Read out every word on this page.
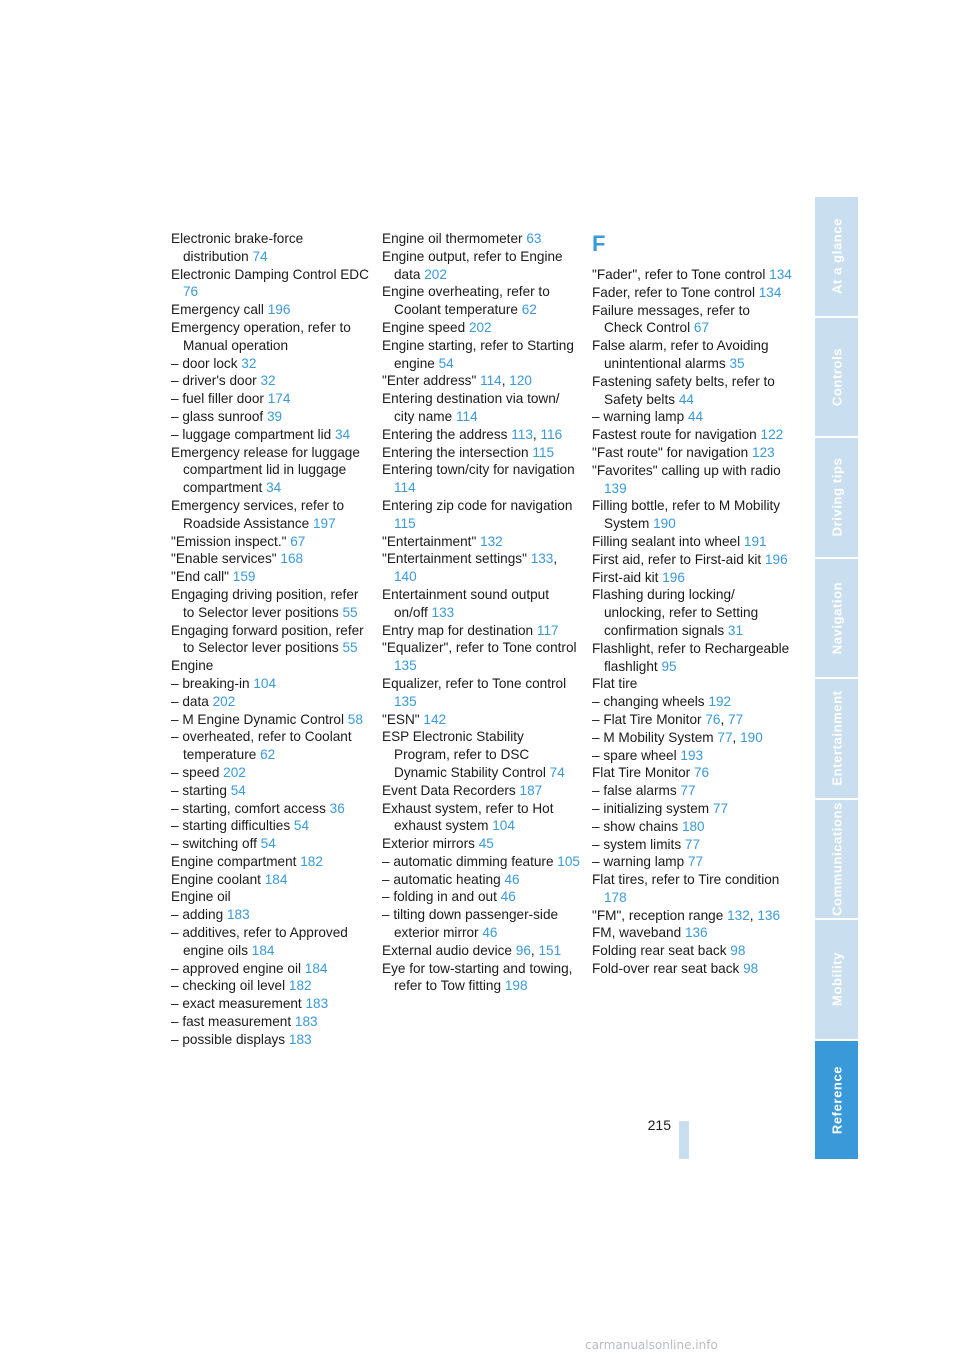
Electronic brake-force distribution 74
Electronic Damping Control EDC 76
Emergency call 196
Emergency operation, refer to Manual operation
– door lock 32
– driver's door 32
– fuel filler door 174
– glass sunroof 39
– luggage compartment lid 34
Emergency release for luggage compartment lid in luggage compartment 34
Emergency services, refer to Roadside Assistance 197
"Emission inspect." 67
"Enable services" 168
"End call" 159
Engaging driving position, refer to Selector lever positions 55
Engaging forward position, refer to Selector lever positions 55
Engine
– breaking-in 104
– data 202
– M Engine Dynamic Control 58
– overheated, refer to Coolant temperature 62
– speed 202
– starting 54
– starting, comfort access 36
– starting difficulties 54
– switching off 54
Engine compartment 182
Engine coolant 184
Engine oil
– adding 183
– additives, refer to Approved engine oils 184
– approved engine oil 184
– checking oil level 182
– exact measurement 183
– fast measurement 183
– possible displays 183
Engine oil thermometer 63
Engine output, refer to Engine data 202
Engine overheating, refer to Coolant temperature 62
Engine speed 202
Engine starting, refer to Starting engine 54
"Enter address" 114, 120
Entering destination via town/ city name 114
Entering the address 113, 116
Entering the intersection 115
Entering town/city for navigation 114
Entering zip code for navigation 115
"Entertainment" 132
"Entertainment settings" 133, 140
Entertainment sound output on/off 133
Entry map for destination 117
"Equalizer", refer to Tone control 135
Equalizer, refer to Tone control 135
"ESN" 142
ESP Electronic Stability Program, refer to DSC Dynamic Stability Control 74
Event Data Recorders 187
Exhaust system, refer to Hot exhaust system 104
Exterior mirrors 45
– automatic dimming feature 105
– automatic heating 46
– folding in and out 46
– tilting down passenger-side exterior mirror 46
External audio device 96, 151
Eye for tow-starting and towing, refer to Tow fitting 198
F
"Fader", refer to Tone control 134
Fader, refer to Tone control 134
Failure messages, refer to Check Control 67
False alarm, refer to Avoiding unintentional alarms 35
Fastening safety belts, refer to Safety belts 44
– warning lamp 44
Fastest route for navigation 122
"Fast route" for navigation 123
"Favorites" calling up with radio 139
Filling bottle, refer to M Mobility System 190
Filling sealant into wheel 191
First aid, refer to First-aid kit 196
First-aid kit 196
Flashing during locking/ unlocking, refer to Setting confirmation signals 31
Flashlight, refer to Rechargeable flashlight 95
Flat tire
– changing wheels 192
– Flat Tire Monitor 76, 77
– M Mobility System 77, 190
– spare wheel 193
Flat Tire Monitor 76
– false alarms 77
– initializing system 77
– show chains 180
– system limits 77
– warning lamp 77
Flat tires, refer to Tire condition 178
"FM", reception range 132, 136
FM, waveband 136
Folding rear seat back 98
Fold-over rear seat back 98
215
At a glance
Controls
Driving tips
Navigation
Entertainment
Communications
Mobility
Reference
carmanualsonline.info
